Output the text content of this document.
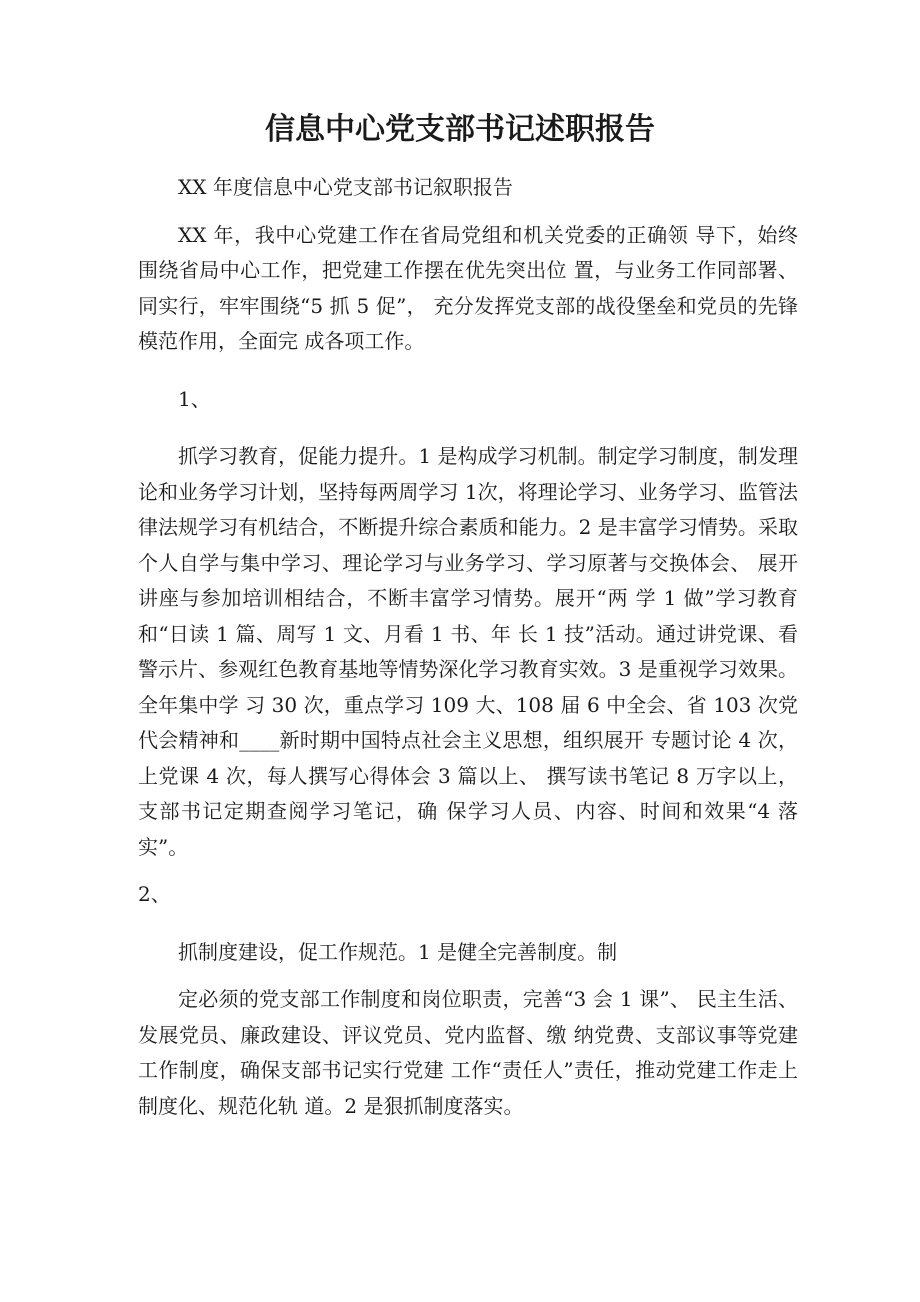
信息中心党支部书记述职报告

XX 年度信息中心党支部书记叙职报告

XX 年，我中心党建工作在省局党组和机关党委的正确领 导下，始终围绕省局中心工作，把党建工作摆在优先突出位 置，与业务工作同部署、同实行，牢牢围绕“5 抓 5 促”， 充分发挥党支部的战役堡垒和党员的先锋模范作用，全面完 成各项工作。

1、

抓学习教育，促能力提升。1 是构成学习机制。制定学习制度，制发理论和业务学习计划，坚持每两周学习 1次，将理论学习、业务学习、监管法律法规学习有机结合，不断提升综合素质和能力。2 是丰富学习情势。采取个人自学与集中学习、理论学习与业务学习、学习原著与交换体会、 展开讲座与参加培训相结合，不断丰富学习情势。展开“两 学 1 做”学习教育和“日读 1 篇、周写 1 文、月看 1 书、年 长 1 技”活动。通过讲党课、看警示片、参观红色教育基地等情势深化学习教育实效。3 是重视学习效果。全年集中学 习 30 次，重点学习 109 大、108 届 6 中全会、省 103 次党代会精神和____新时期中国特点社会主义思想，组织展开 专题讨论 4 次，上党课 4 次，每人撰写心得体会 3 篇以上、 撰写读书笔记 8 万字以上，支部书记定期查阅学习笔记，确 保学习人员、内容、时间和效果“4 落实”。

2、

抓制度建设，促工作规范。1 是健全完善制度。制

定必须的党支部工作制度和岗位职责，完善“3 会 1 课”、 民主生活、发展党员、廉政建设、评议党员、党内监督、缴 纳党费、支部议事等党建工作制度，确保支部书记实行党建 工作“责任人”责任，推动党建工作走上制度化、规范化轨 道。2 是狠抓制度落实。
